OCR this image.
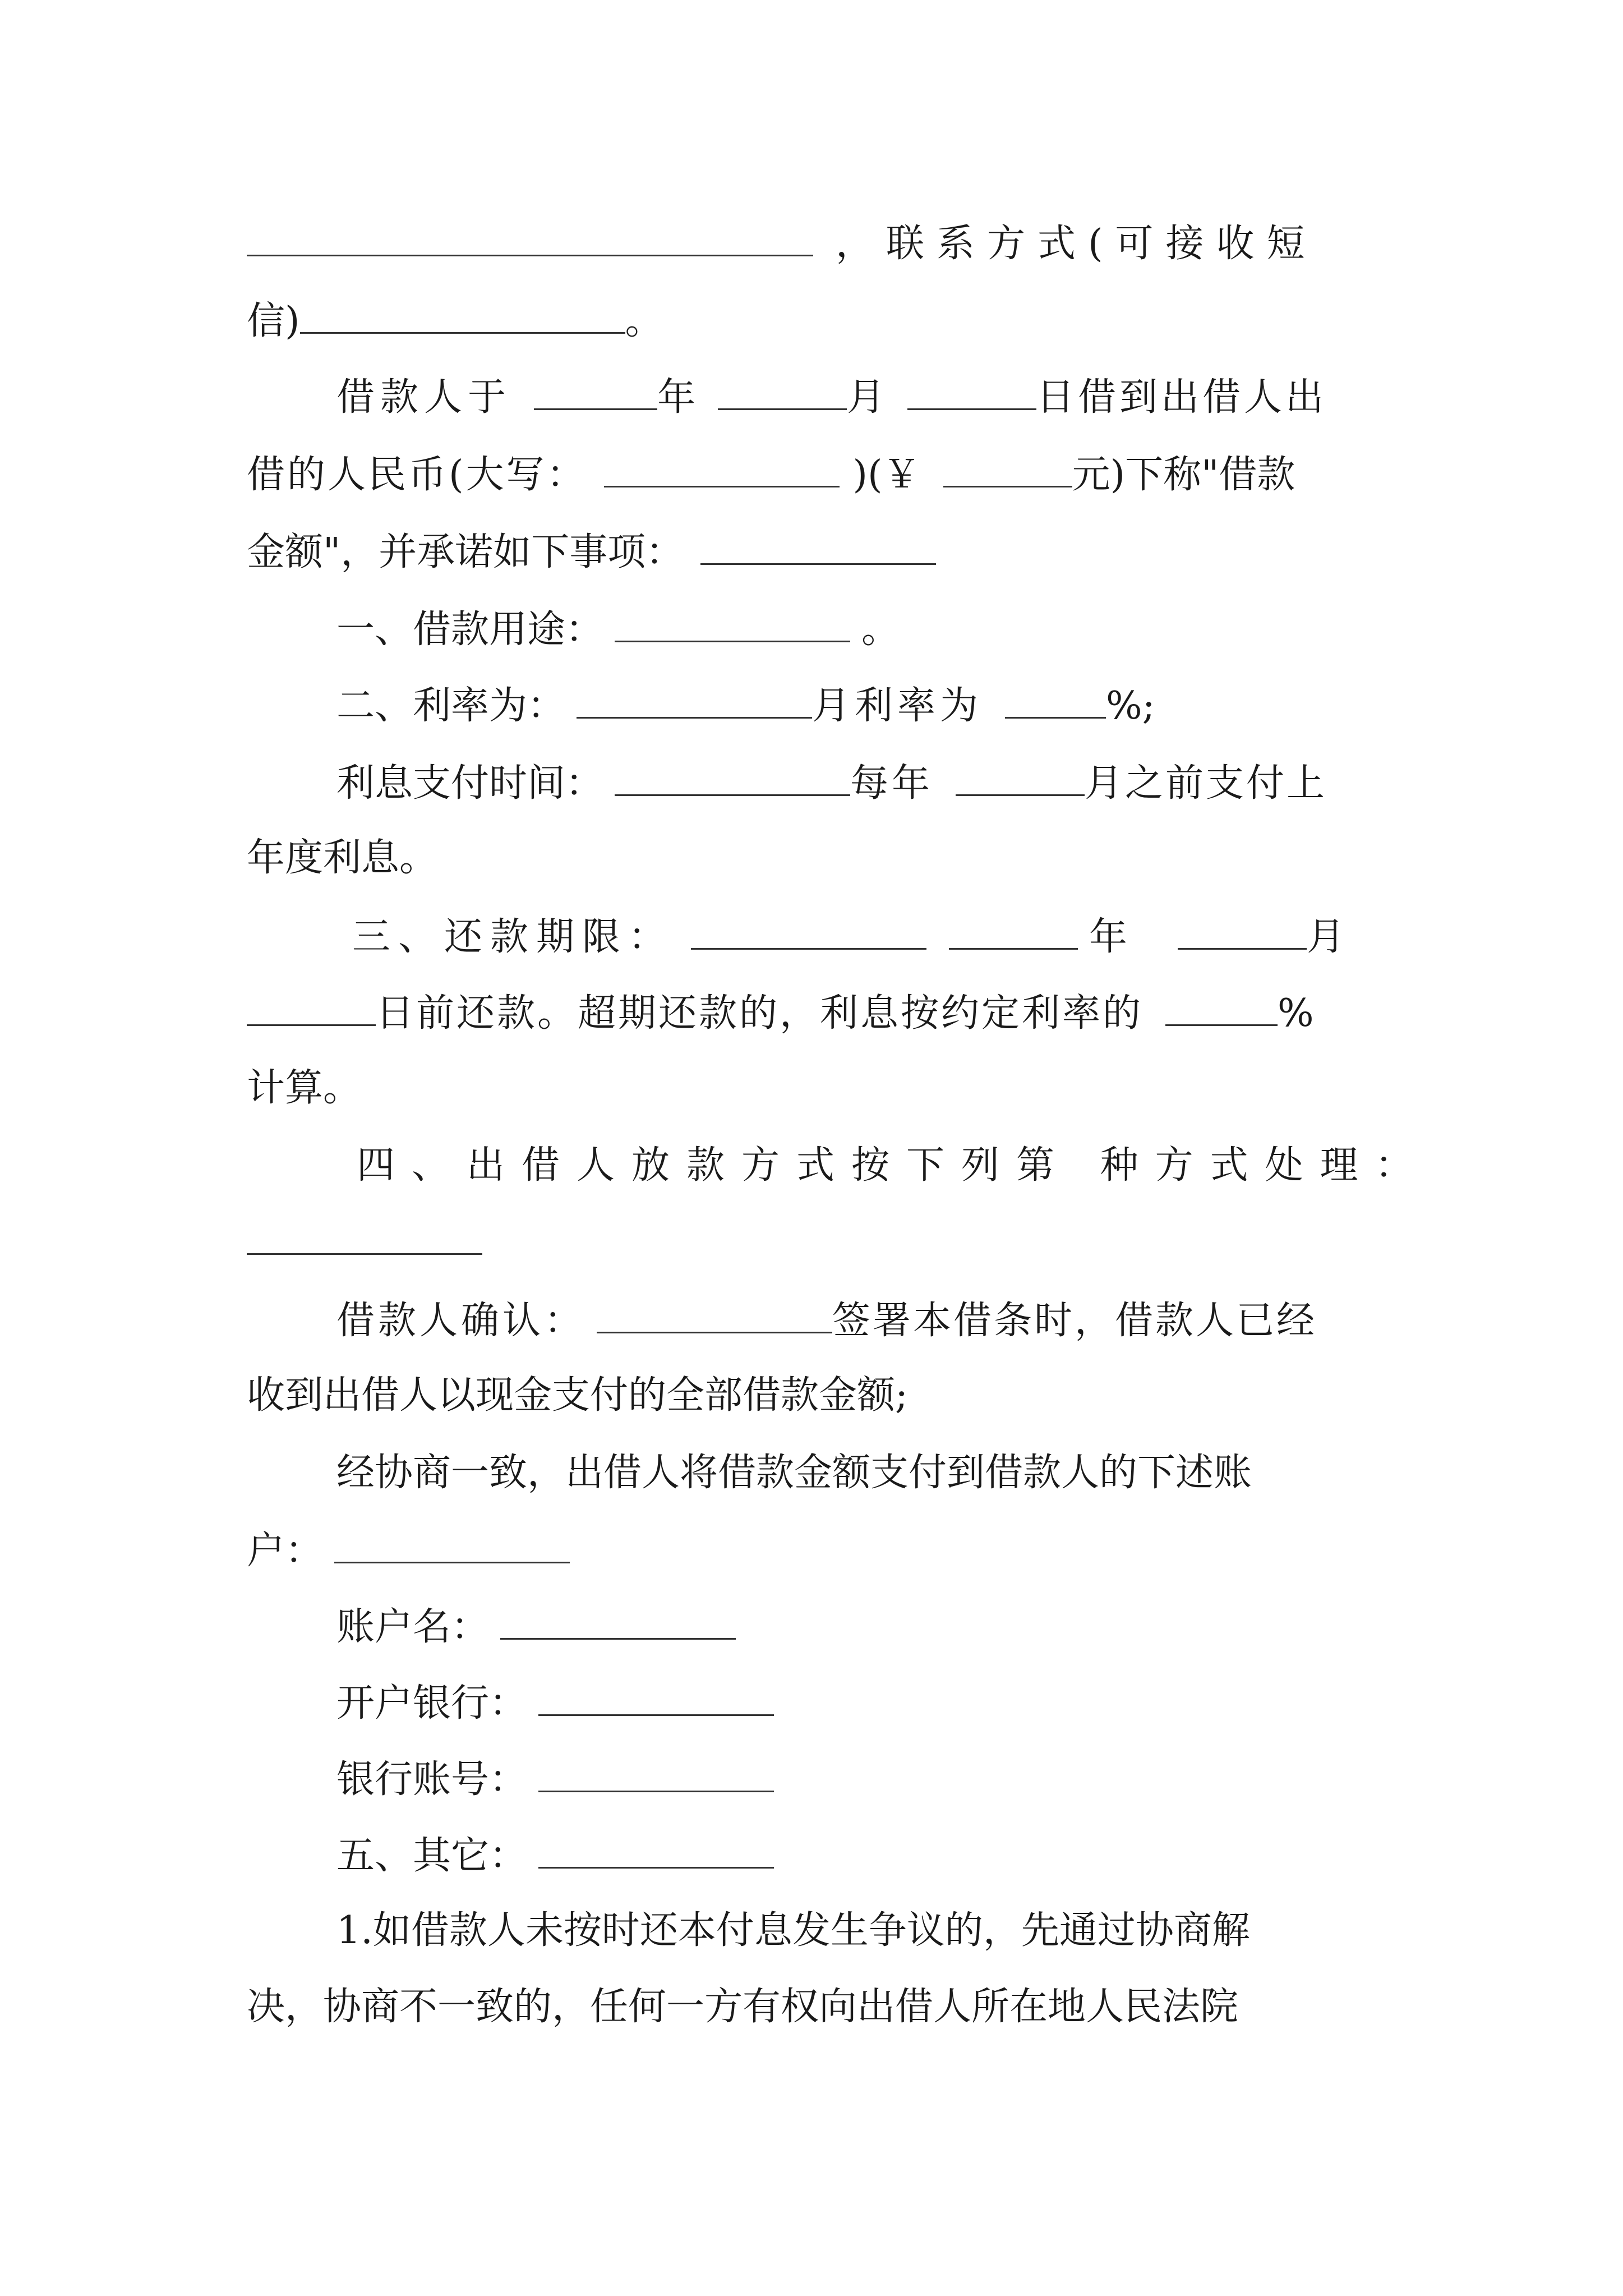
，联系方式(可接收短
信)	。
借款人于	年	月	日借到出借人出
借的人民币(大写：	)(￥	元)下称"借款
金额"，并承诺如下事项：
一、借款用途：	。
二、利率为：	月利率为	%;
利息支付时间：	每年	月之前支付上
年度利息。
三、还款期限：	年	月
日前还款。超期还款的，利息按约定利率的	%
计算。
四、出借人放款方式按下列第 种方式处理：
借款人确认：	签署本借条时，借款人已经
收到出借人以现金支付的全部借款金额;
经协商一致，出借人将借款金额支付到借款人的下述账
户：
账户名：
开户银行：
银行账号：
五、其它：
1.如借款人未按时还本付息发生争议的，先通过协商解
决，协商不一致的，任何一方有权向出借人所在地人民法院
